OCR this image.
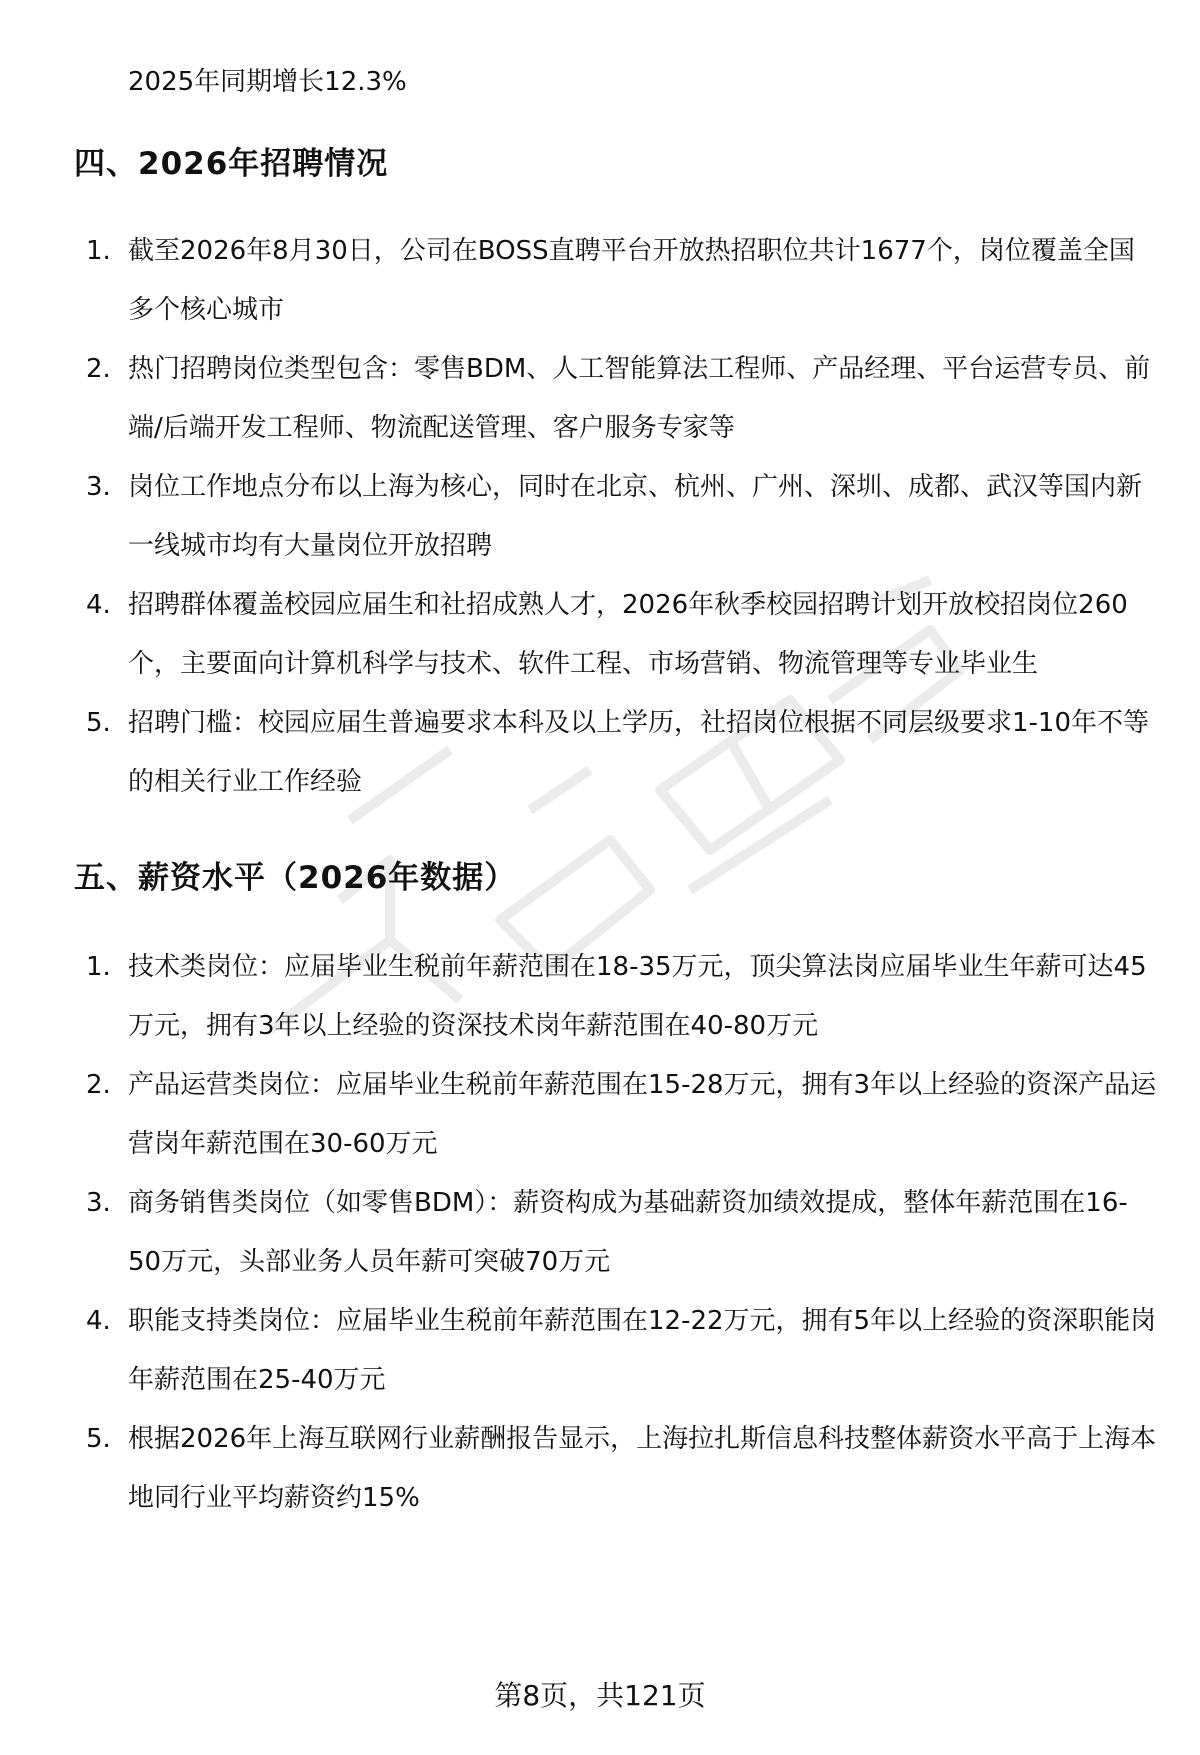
2025年同期增长12.3%

四、2026年招聘情况
1. 截至2026年8月30日，公司在BOSS直聘平台开放热招职位共计1677个，岗位覆盖全国多个核心城市
2. 热门招聘岗位类型包含：零售BDM、人工智能算法工程师、产品经理、平台运营专员、前端/后端开发工程师、物流配送管理、客户服务专家等
3. 岗位工作地点分布以上海为核心，同时在北京、杭州、广州、深圳、成都、武汉等国内新一线城市均有大量岗位开放招聘
4. 招聘群体覆盖校园应届生和社招成熟人才，2026年秋季校园招聘计划开放校招岗位260个，主要面向计算机科学与技术、软件工程、市场营销、物流管理等专业毕业生
5. 招聘门槛：校园应届生普遍要求本科及以上学历，社招岗位根据不同层级要求1-10年不等的相关行业工作经验
五、薪资水平（2026年数据）
1. 技术类岗位：应届毕业生税前年薪范围在18-35万元，顶尖算法岗应届毕业生年薪可达45万元，拥有3年以上经验的资深技术岗年薪范围在40-80万元
2. 产品运营类岗位：应届毕业生税前年薪范围在15-28万元，拥有3年以上经验的资深产品运营岗年薪范围在30-60万元
3. 商务销售类岗位（如零售BDM）：薪资构成为基础薪资加绩效提成，整体年薪范围在16-50万元，头部业务人员年薪可突破70万元
4. 职能支持类岗位：应届毕业生税前年薪范围在12-22万元，拥有5年以上经验的资深职能岗年薪范围在25-40万元
5. 根据2026年上海互联网行业薪酬报告显示，上海拉扎斯信息科技整体薪资水平高于上海本地同行业平均薪资约15%

第8页，共121页
